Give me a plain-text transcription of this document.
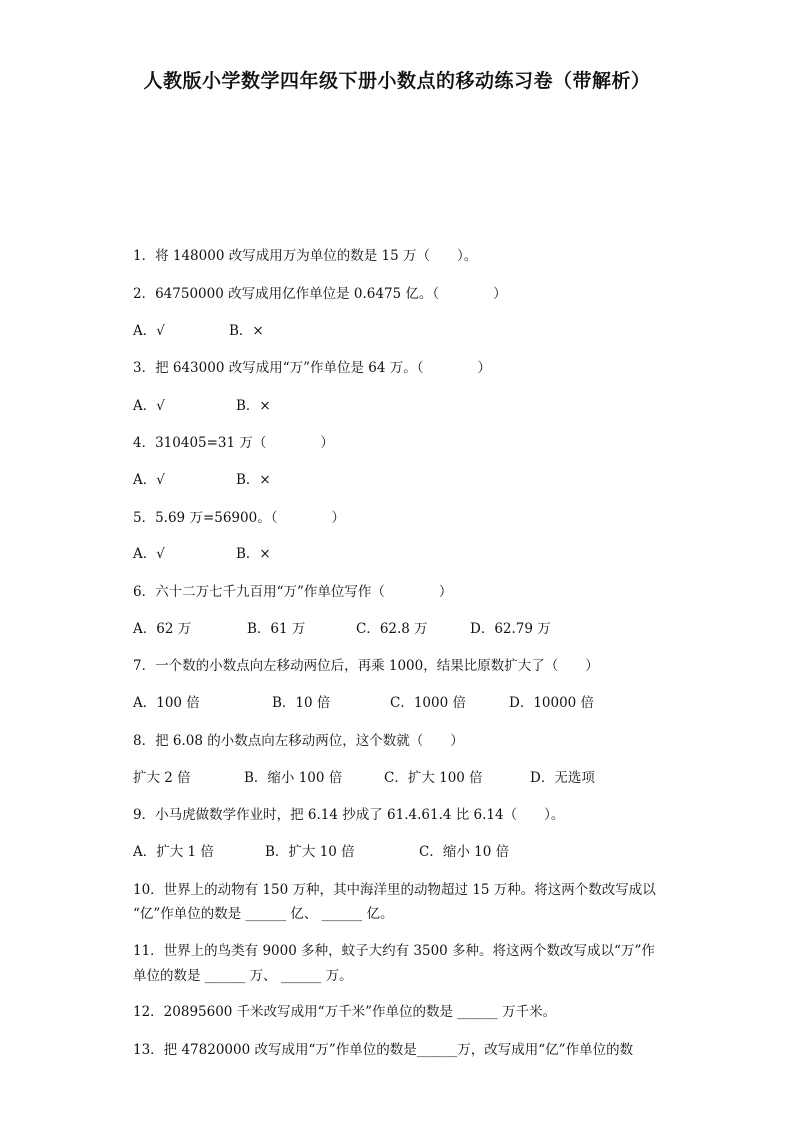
人教版小学数学四年级下册小数点的移动练习卷（带解析）
1．将 148000 改写成用万为单位的数是 15 万（　　）。
2．64750000 改写成用亿作单位是 0.6475 亿。（　　　　）
A．√	B．×
3．把 643000 改写成用“万”作单位是 64 万。（　　　　）
A．√	B．×
4．310405=31 万（　　　　）
A．√	B．×
5．5.69 万=56900。（　　　　）
A．√	B．×
6．六十二万七千九百用“万”作单位写作（　　　　）
A．62 万	B．61 万	C．62.8 万	D．62.79 万
7．一个数的小数点向左移动两位后，再乘 1000，结果比原数扩大了（　　）
A．100 倍	B．10 倍	C．1000 倍	D．10000 倍
8．把 6.08 的小数点向左移动两位，这个数就（　　）
扩大 2 倍	B．缩小 100 倍	C．扩大 100 倍	D．无选项
9．小马虎做数学作业时，把 6.14 抄成了 61.4.61.4 比 6.14（　　）。
A．扩大 1 倍	B．扩大 10 倍	C．缩小 10 倍
10．世界上的动物有 150 万种，其中海洋里的动物超过 15 万种。将这两个数改写成以
“亿”作单位的数是 ______ 亿、 ______ 亿。
11．世界上的鸟类有 9000 多种，蚊子大约有 3500 多种。将这两个数改写成以“万”作
单位的数是 ______ 万、 ______ 万。
12．20895600 千米改写成用“万千米”作单位的数是 ______ 万千米。
13．把 47820000 改写成用“万”作单位的数是______万，改写成用“亿”作单位的数
